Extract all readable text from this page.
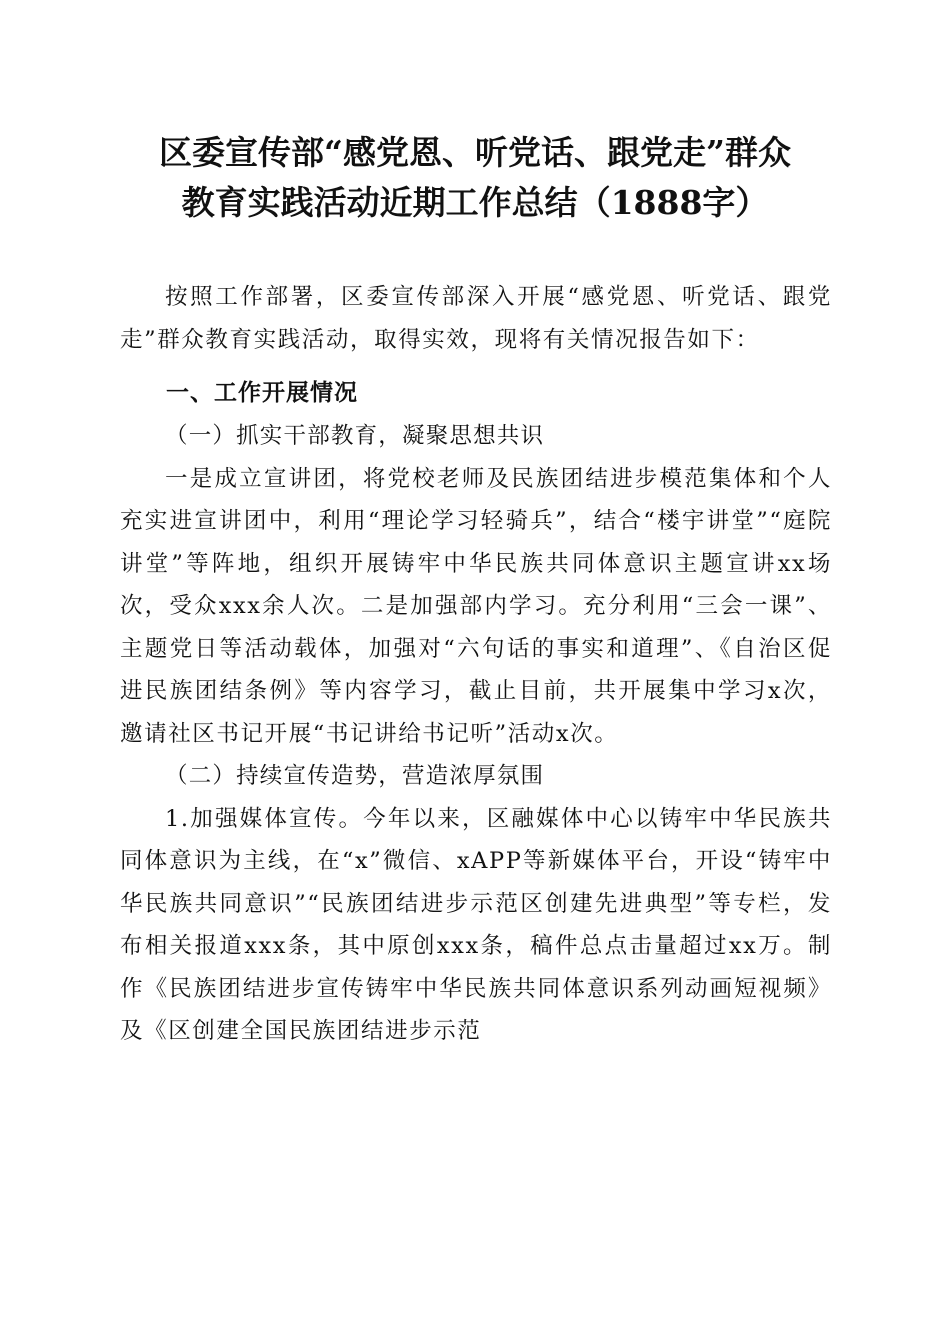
区委宣传部“感党恩、听党话、跟党走”群众
教育实践活动近期工作总结（1888字）

按照工作部署，区委宣传部深入开展“感党恩、听党话、跟党走”群众教育实践活动，取得实效，现将有关情况报告如下：

一、工作开展情况
（一）抓实干部教育，凝聚思想共识

一是成立宣讲团，将党校老师及民族团结进步模范集体和个人充实进宣讲团中，利用“理论学习轻骑兵”，结合“楼宇讲堂”“庭院讲堂”等阵地，组织开展铸牢中华民族共同体意识主题宣讲xx场次，受众xxx余人次。二是加强部内学习。充分利用“三会一课”、主题党日等活动载体，加强对“六句话的事实和道理”、《自治区促进民族团结条例》等内容学习，截止目前，共开展集中学习x次，邀请社区书记开展“书记讲给书记听”活动x次。

（二）持续宣传造势，营造浓厚氛围

1.加强媒体宣传。今年以来，区融媒体中心以铸牢中华民族共同体意识为主线，在“x”微信、xAPP等新媒体平台，开设“铸牢中华民族共同意识”“民族团结进步示范区创建先进典型”等专栏，发布相关报道xxx条，其中原创xxx条，稿件总点击量超过xx万。制作《民族团结进步宣传铸牢中华民族共同体意识系列动画短视频》及《区创建全国民族团结进步示范
